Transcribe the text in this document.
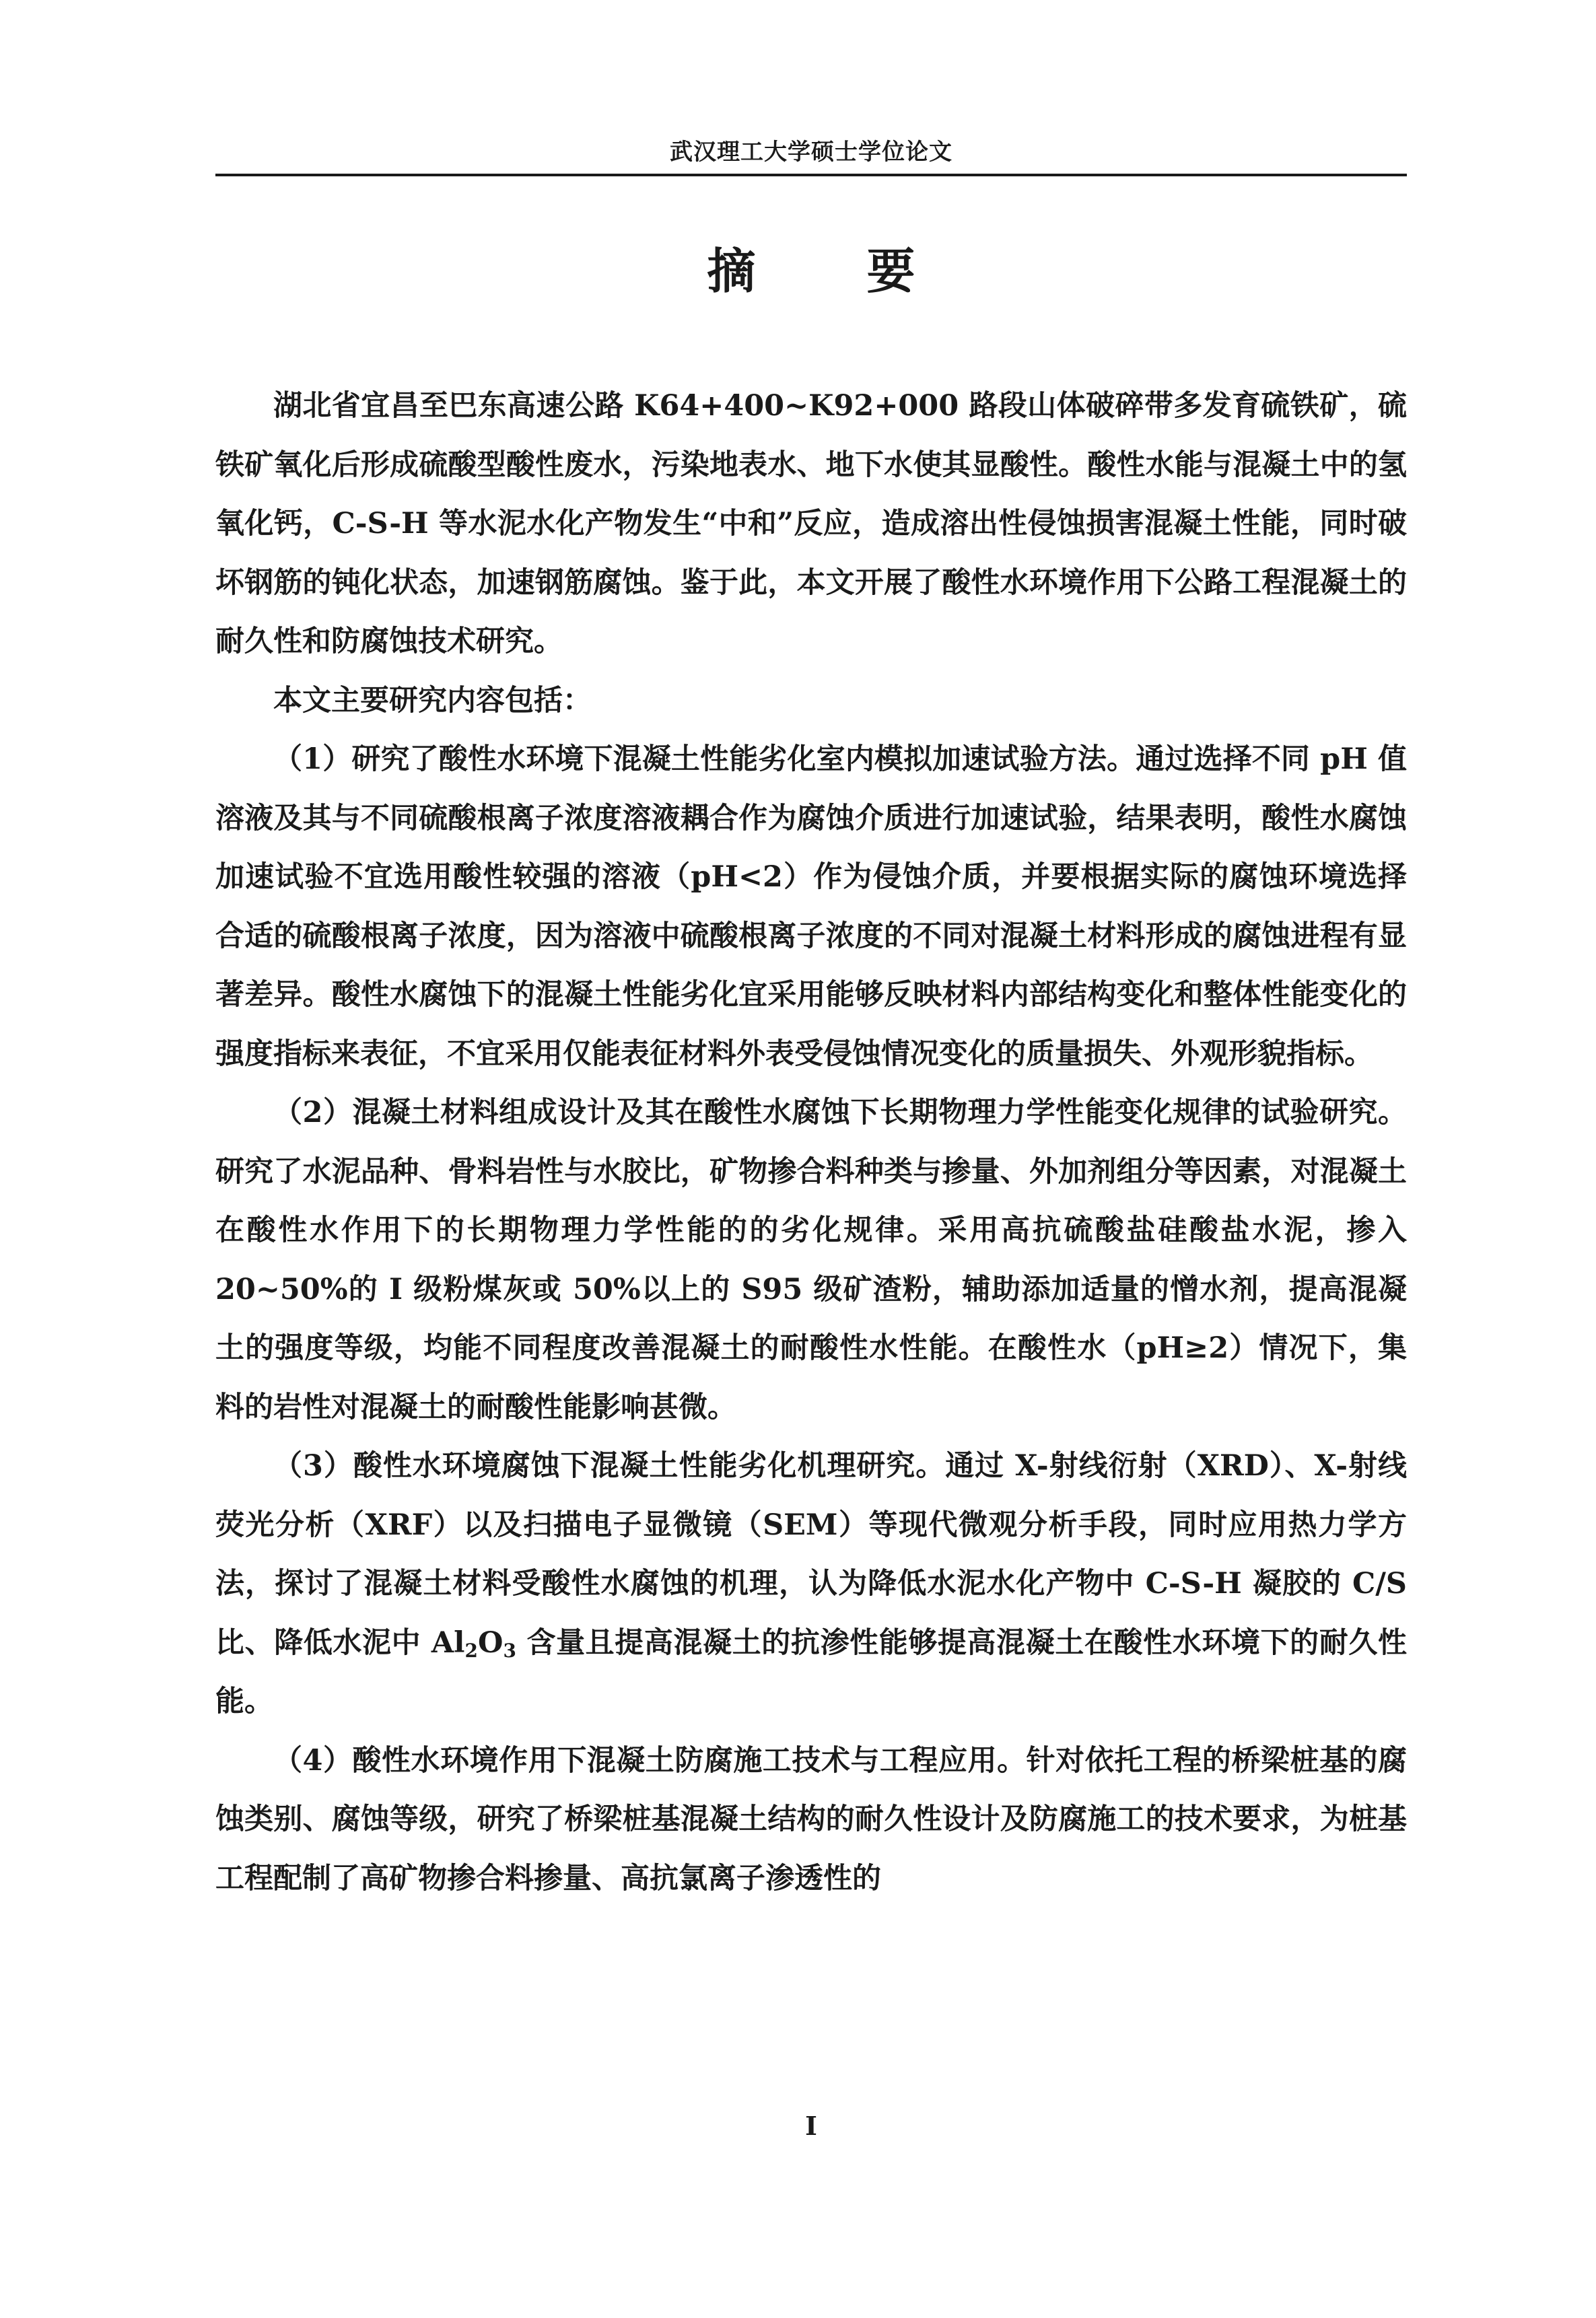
武汉理工大学硕士学位论文
摘 要

湖北省宜昌至巴东高速公路 K64+400~K92+000 路段山体破碎带多发育硫铁矿，硫铁矿氧化后形成硫酸型酸性废水，污染地表水、地下水使其显酸性。酸性水能与混凝土中的氢氧化钙，C-S-H 等水泥水化产物发生“中和”反应，造成溶出性侵蚀损害混凝土性能，同时破坏钢筋的钝化状态，加速钢筋腐蚀。鉴于此，本文开展了酸性水环境作用下公路工程混凝土的耐久性和防腐蚀技术研究。

本文主要研究内容包括：

（1）研究了酸性水环境下混凝土性能劣化室内模拟加速试验方法。通过选择不同 pH 值溶液及其与不同硫酸根离子浓度溶液耦合作为腐蚀介质进行加速试验，结果表明，酸性水腐蚀加速试验不宜选用酸性较强的溶液（pH<2）作为侵蚀介质，并要根据实际的腐蚀环境选择合适的硫酸根离子浓度，因为溶液中硫酸根离子浓度的不同对混凝土材料形成的腐蚀进程有显著差异。酸性水腐蚀下的混凝土性能劣化宜采用能够反映材料内部结构变化和整体性能变化的强度指标来表征，不宜采用仅能表征材料外表受侵蚀情况变化的质量损失、外观形貌指标。

（2）混凝土材料组成设计及其在酸性水腐蚀下长期物理力学性能变化规律的试验研究。研究了水泥品种、骨料岩性与水胶比，矿物掺合料种类与掺量、外加剂组分等因素，对混凝土在酸性水作用下的长期物理力学性能的的劣化规律。采用高抗硫酸盐硅酸盐水泥，掺入 20~50%的 I 级粉煤灰或 50%以上的 S95 级矿渣粉，辅助添加适量的憎水剂，提高混凝土的强度等级，均能不同程度改善混凝土的耐酸性水性能。在酸性水（pH≥2）情况下，集料的岩性对混凝土的耐酸性能影响甚微。

（3）酸性水环境腐蚀下混凝土性能劣化机理研究。通过 X-射线衍射（XRD）、X-射线荧光分析（XRF）以及扫描电子显微镜（SEM）等现代微观分析手段，同时应用热力学方法，探讨了混凝土材料受酸性水腐蚀的机理，认为降低水泥水化产物中 C-S-H 凝胶的 C/S 比、降低水泥中 $Al_2O_3$ 含量且提高混凝土的抗渗性能够提高混凝土在酸性水环境下的耐久性能。

（4）酸性水环境作用下混凝土防腐施工技术与工程应用。针对依托工程的桥梁桩基的腐蚀类别、腐蚀等级，研究了桥梁桩基混凝土结构的耐久性设计及防腐施工的技术要求，为桩基工程配制了高矿物掺合料掺量、高抗氯离子渗透性的

I
